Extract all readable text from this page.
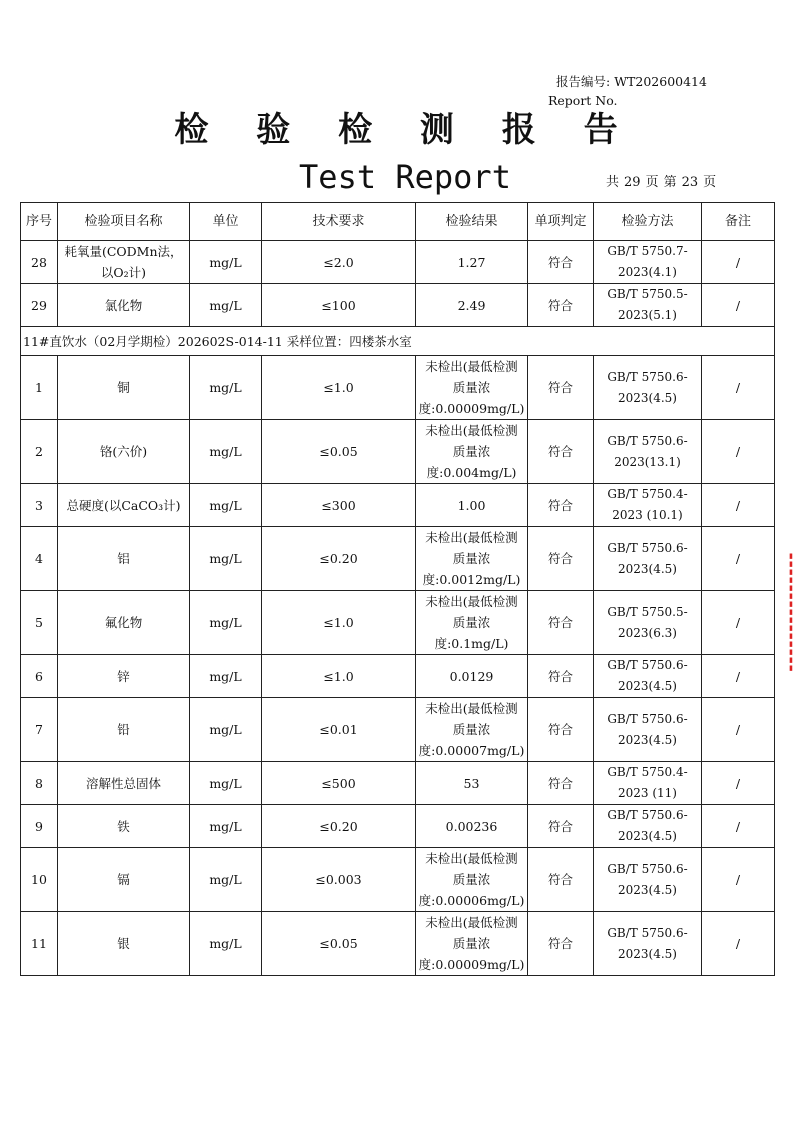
报告编号: WT202600414
Report No.
检 验 检 测 报 告
Test Report	共 29 页 第 23 页
序号	检验项目名称	单位	技术要求	检验结果	单项判定	检验方法	备注
28	耗氧量(CODMn法，
以O₂计)	mg/L	≤2.0	1.27	符合	GB/T 5750.7-
2023(4.1)	/
29	氯化物	mg/L	≤100	2.49	符合	GB/T 5750.5-
2023(5.1)	/
11#直饮水（02月学期检）202602S-014-11 采样位置：四楼茶水室							
1	铜	mg/L	≤1.0	未检出(最低检测
质量浓
度:0.00009mg/L)	符合	GB/T 5750.6-
2023(4.5)	/
2	铬(六价)	mg/L	≤0.05	未检出(最低检测
质量浓
度:0.004mg/L)	符合	GB/T 5750.6-
2023(13.1)	/
3	总硬度(以CaCO₃计)	mg/L	≤300	1.00	符合	GB/T 5750.4-
2023 (10.1)	/
4	铝	mg/L	≤0.20	未检出(最低检测
质量浓
度:0.0012mg/L)	符合	GB/T 5750.6-
2023(4.5)	/
5	氟化物	mg/L	≤1.0	未检出(最低检测
质量浓
度:0.1mg/L)	符合	GB/T 5750.5-
2023(6.3)	/
6	锌	mg/L	≤1.0	0.0129	符合	GB/T 5750.6-
2023(4.5)	/
7	铅	mg/L	≤0.01	未检出(最低检测
质量浓
度:0.00007mg/L)	符合	GB/T 5750.6-
2023(4.5)	/
8	溶解性总固体	mg/L	≤500	53	符合	GB/T 5750.4-
2023 (11)	/
9	铁	mg/L	≤0.20	0.00236	符合	GB/T 5750.6-
2023(4.5)	/
10	镉	mg/L	≤0.003	未检出(最低检测
质量浓
度:0.00006mg/L)	符合	GB/T 5750.6-
2023(4.5)	/
11	银	mg/L	≤0.05	未检出(最低检测
质量浓
度:0.00009mg/L)	符合	GB/T 5750.6-
2023(4.5)	/
▮▮▮▮▮▮▮▮▮▮▮▮▮▮▮
